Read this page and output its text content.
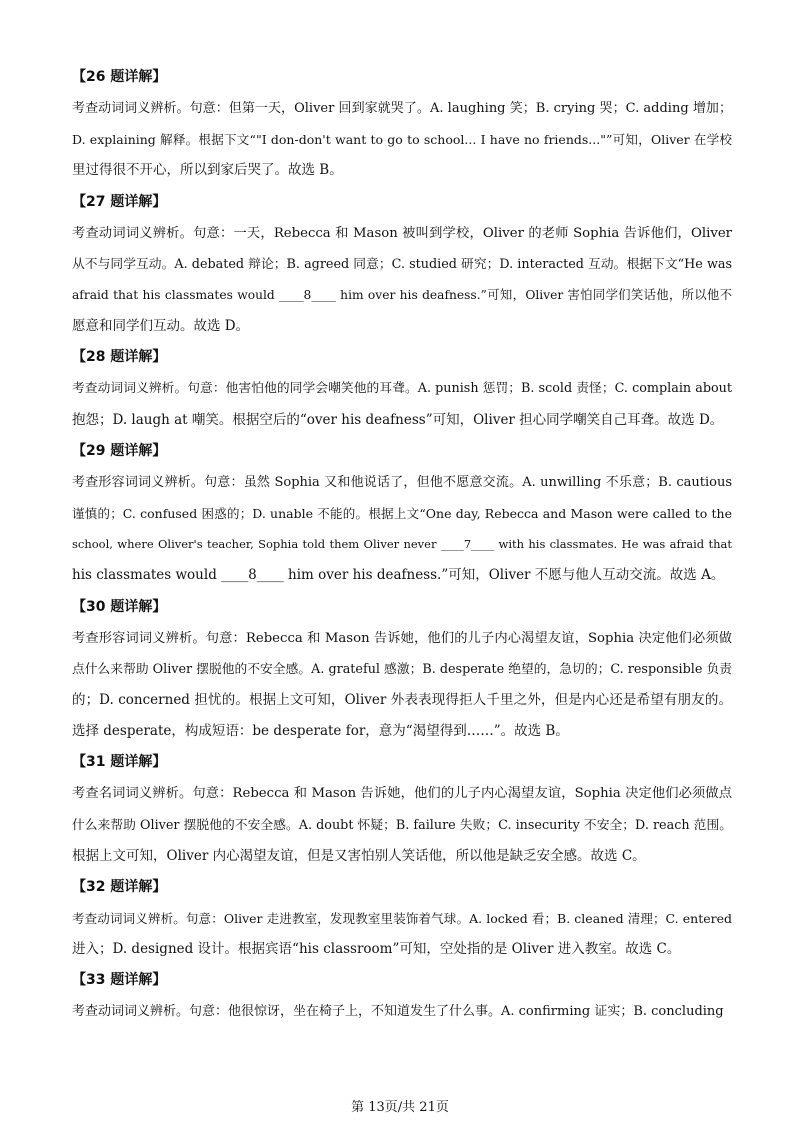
【26 题详解】
考查动词词义辨析。句意：但第一天，Oliver 回到家就哭了。A. laughing 笑；B. crying 哭；C. adding 增加；
D. explaining 解释。根据下文“"I don-don't want to go to school... I have no friends..."”可知，Oliver 在学校
里过得很不开心，所以到家后哭了。故选 B。
【27 题详解】
考查动词词义辨析。句意：一天，Rebecca 和 Mason 被叫到学校，Oliver 的老师 Sophia 告诉他们，Oliver
从不与同学互动。A. debated 辩论；B. agreed 同意；C. studied 研究；D. interacted 互动。根据下文“He was
afraid that his classmates would ____8____ him over his deafness.”可知，Oliver 害怕同学们笑话他，所以他不
愿意和同学们互动。故选 D。
【28 题详解】
考查动词词义辨析。句意：他害怕他的同学会嘲笑他的耳聋。A. punish 惩罚；B. scold 责怪；C. complain about
抱怨；D. laugh at 嘲笑。根据空后的“over his deafness”可知，Oliver 担心同学嘲笑自己耳聋。故选 D。
【29 题详解】
考查形容词词义辨析。句意：虽然 Sophia 又和他说话了，但他不愿意交流。A. unwilling 不乐意；B. cautious
谨慎的；C. confused 困惑的；D. unable 不能的。根据上文“One day, Rebecca and Mason were called to the
school, where Oliver's teacher, Sophia told them Oliver never ____7____ with his classmates. He was afraid that
his classmates would ____8____ him over his deafness.”可知，Oliver 不愿与他人互动交流。故选 A。
【30 题详解】
考查形容词词义辨析。句意：Rebecca 和 Mason 告诉她，他们的儿子内心渴望友谊，Sophia 决定他们必须做
点什么来帮助 Oliver 摆脱他的不安全感。A. grateful 感激；B. desperate 绝望的，急切的；C. responsible 负责
的；D. concerned 担忧的。根据上文可知，Oliver 外表表现得拒人千里之外，但是内心还是希望有朋友的。
选择 desperate，构成短语：be desperate for，意为“渴望得到……”。故选 B。
【31 题详解】
考查名词词义辨析。句意：Rebecca 和 Mason 告诉她，他们的儿子内心渴望友谊，Sophia 决定他们必须做点
什么来帮助 Oliver 摆脱他的不安全感。A. doubt 怀疑；B. failure 失败；C. insecurity 不安全；D. reach 范围。
根据上文可知，Oliver 内心渴望友谊，但是又害怕别人笑话他，所以他是缺乏安全感。故选 C。
【32 题详解】
考查动词词义辨析。句意：Oliver 走进教室，发现教室里装饰着气球。A. locked 看；B. cleaned 清理；C. entered
进入；D. designed 设计。根据宾语“his classroom”可知，空处指的是 Oliver 进入教室。故选 C。
【33 题详解】
考查动词词义辨析。句意：他很惊讶，坐在椅子上，不知道发生了什么事。A. confirming 证实；B. concluding
第 13页/共 21页
